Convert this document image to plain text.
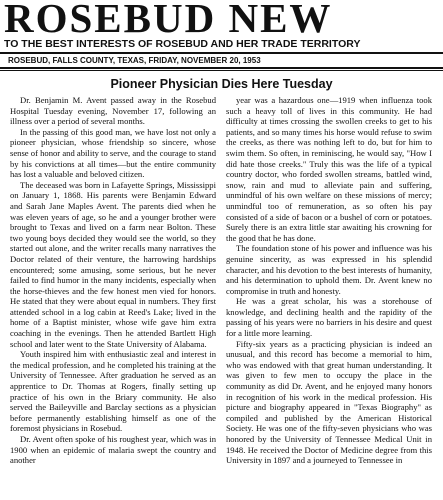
ROSEBUD NEW
TO THE BEST INTERESTS OF ROSEBUD AND HER TRADE TERRITORY
ROSEBUD, FALLS COUNTY, TEXAS, FRIDAY, NOVEMBER 20, 1953
Pioneer Physician Dies Here Tuesday

Dr. Benjamin M. Avent passed away in the Rosebud Hospital Tuesday evening, November 17, following an illness over a period of several months.

In the passing of this good man, we have lost not only a pioneer physician, whose friendship so sincere, whose sense of honor and ability to serve, and the courage to stand by his convictions at all times—but the entire community has lost a valuable and beloved citizen.

The deceased was born in Lafayette Springs, Mississippi on January 1, 1868. His parents were Benjamin Edward and Sarah Jane Maples Avent. The parents died when he was eleven years of age, so he and a younger brother were brought to Texas and lived on a farm near Bolton. These two young boys decided they would see the world, so they started out alone, and the writer recalls many narratives the Doctor related of their venture, the harrowing hardships encountered; some amusing, some serious, but he never failed to find humor in the many incidents, especially when the horse-thieves and the few honest men vied for honors. He stated that they were about equal in numbers. They first attended school in a log cabin at Reed's Lake; lived in the home of a Baptist minister, whose wife gave him extra coaching in the evenings. Then he attended Bartlett High school and later went to the State University of Alabama.

Youth inspired him with enthusiastic zeal and interest in the medical profession, and he completed his training at the University of Tennessee. After graduation he served as an apprentice to Dr. Thomas at Rogers, finally setting up practice of his own in the Briary community. He also served the Baileyville and Barclay sections as a physician before permanently establishing himself as one of the foremost physicians in Rosebud.

Dr. Avent often spoke of his roughest year, which was in 1900 when an epidemic of malaria swept the country and another

year was a hazardous one—1919 when influenza took such a heavy toll of lives in this community. He had difficulty at times crossing the swollen creeks to get to his patients, and so many times his horse would refuse to swim the creeks, as there was nothing left to do, but for him to swim them. So often, in reminiscing, he would say, "How I did hate those creeks." Truly this was the life of a typical country doctor, who forded swollen streams, battled wind, snow, rain and mud to alleviate pain and suffering, unmindful of his own welfare on these missions of mercy; unmindful too of remuneration, as so often his pay consisted of a side of bacon or a bushel of corn or potatoes. Surely there is an extra little star awaiting his crowning for the good that he has done.

The foundation stone of his power and influence was his genuine sincerity, as was expressed in his splendid character, and his devotion to the best interests of humanity, and his determination to uphold them. Dr. Avent knew no compromise in truth and honesty.

He was a great scholar, his was a storehouse of knowledge, and declining health and the rapidity of the passing of his years were no barriers in his desire and quest for a little more learning.

Fifty-six years as a practicing physician is indeed an unusual, and this record has become a memorial to him, who was endowed with that great human understanding. It was given to few men to occupy the place in the community as did Dr. Avent, and he enjoyed many honors in recognition of his work in the medical profession. His picture and biography appeared in "Texas Biography" as compiled and published by the American Historical Society. He was one of the fifty-seven physicians who was honored by the University of Tennessee Medical Unit in 1948. He received the Doctor of Medicine degree from this University in 1897 and a journeyed to Tennessee in
